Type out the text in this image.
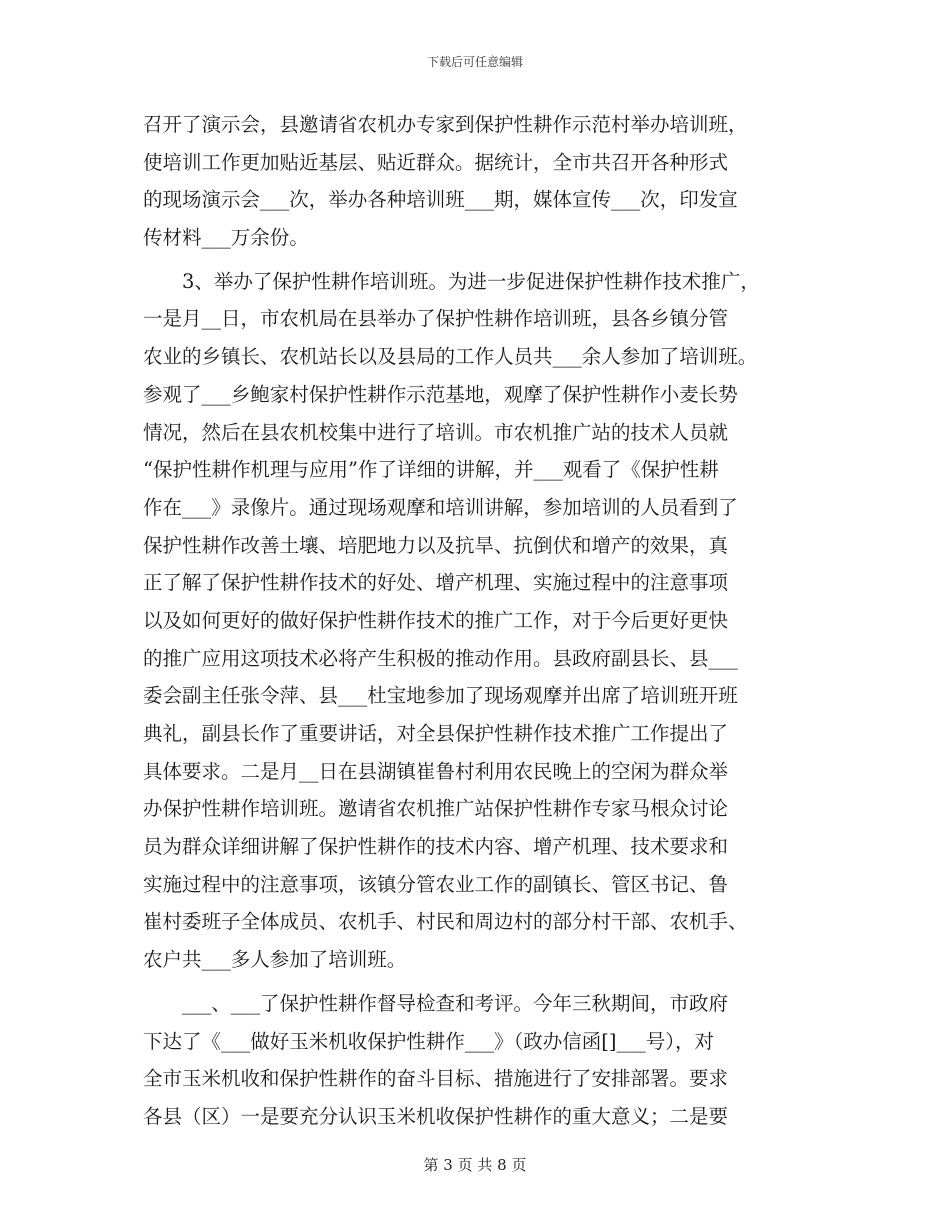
下载后可任意编辑
召开了演示会，县邀请省农机办专家到保护性耕作示范村举办培训班，
使培训工作更加贴近基层、贴近群众。据统计，全市共召开各种形式
的现场演示会___次，举办各种培训班___期，媒体宣传___次，印发宣
传材料___万余份。
3、举办了保护性耕作培训班。为进一步促进保护性耕作技术推广，
一是月__日，市农机局在县举办了保护性耕作培训班，县各乡镇分管
农业的乡镇长、农机站长以及县局的工作人员共___余人参加了培训班。
参观了___乡鲍家村保护性耕作示范基地，观摩了保护性耕作小麦长势
情况，然后在县农机校集中进行了培训。市农机推广站的技术人员就
“保护性耕作机理与应用”作了详细的讲解，并___观看了《保护性耕
作在___》录像片。通过现场观摩和培训讲解，参加培训的人员看到了
保护性耕作改善土壤、培肥地力以及抗旱、抗倒伏和增产的效果，真
正了解了保护性耕作技术的好处、增产机理、实施过程中的注意事项
以及如何更好的做好保护性耕作技术的推广工作，对于今后更好更快
的推广应用这项技术必将产生积极的推动作用。县政府副县长、县___
委会副主任张令萍、县___杜宝地参加了现场观摩并出席了培训班开班
典礼，副县长作了重要讲话，对全县保护性耕作技术推广工作提出了
具体要求。二是月__日在县湖镇崔鲁村利用农民晚上的空闲为群众举
办保护性耕作培训班。邀请省农机推广站保护性耕作专家马根众讨论
员为群众详细讲解了保护性耕作的技术内容、增产机理、技术要求和
实施过程中的注意事项，该镇分管农业工作的副镇长、管区书记、鲁
崔村委班子全体成员、农机手、村民和周边村的部分村干部、农机手、
农户共___多人参加了培训班。
___、___了保护性耕作督导检查和考评。今年三秋期间，市政府
下达了《___做好玉米机收保护性耕作___》（政办信函[]___号），对
全市玉米机收和保护性耕作的奋斗目标、措施进行了安排部署。要求
各县（区）一是要充分认识玉米机收保护性耕作的重大意义；二是要
第 3 页 共 8 页
